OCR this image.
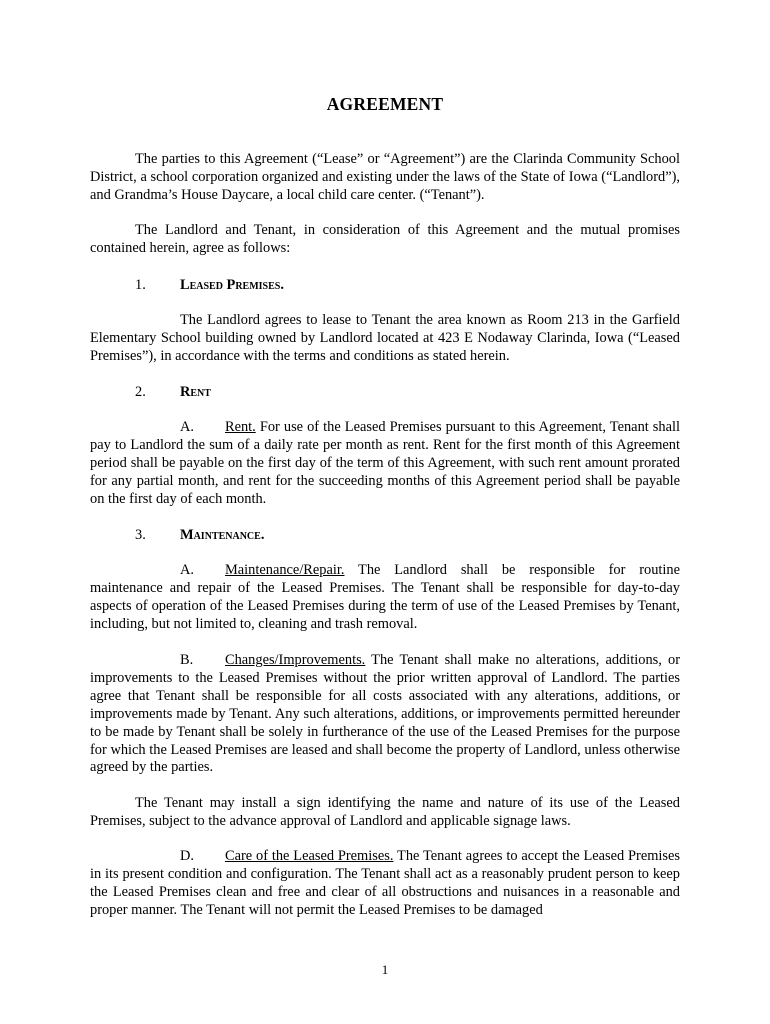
AGREEMENT

The parties to this Agreement (“Lease” or “Agreement”) are the Clarinda Community School District, a school corporation organized and existing under the laws of the State of Iowa (“Landlord”), and Grandma’s House Daycare, a local child care center. (“Tenant”).

The Landlord and Tenant, in consideration of this Agreement and the mutual promises contained herein, agree as follows:

1. Leased Premises.

The Landlord agrees to lease to Tenant the area known as Room 213 in the Garfield Elementary School building owned by Landlord located at 423 E Nodaway Clarinda, Iowa (“Leased Premises”), in accordance with the terms and conditions as stated herein.

2. Rent

A. Rent. For use of the Leased Premises pursuant to this Agreement, Tenant shall pay to Landlord the sum of a daily rate per month as rent. Rent for the first month of this Agreement period shall be payable on the first day of the term of this Agreement, with such rent amount prorated for any partial month, and rent for the succeeding months of this Agreement period shall be payable on the first day of each month.

3. Maintenance.

A. Maintenance/Repair. The Landlord shall be responsible for routine maintenance and repair of the Leased Premises. The Tenant shall be responsible for day-to-day aspects of operation of the Leased Premises during the term of use of the Leased Premises by Tenant, including, but not limited to, cleaning and trash removal.

B. Changes/Improvements. The Tenant shall make no alterations, additions, or improvements to the Leased Premises without the prior written approval of Landlord. The parties agree that Tenant shall be responsible for all costs associated with any alterations, additions, or improvements made by Tenant. Any such alterations, additions, or improvements permitted hereunder to be made by Tenant shall be solely in furtherance of the use of the Leased Premises for the purpose for which the Leased Premises are leased and shall become the property of Landlord, unless otherwise agreed by the parties.

The Tenant may install a sign identifying the name and nature of its use of the Leased Premises, subject to the advance approval of Landlord and applicable signage laws.

D. Care of the Leased Premises. The Tenant agrees to accept the Leased Premises in its present condition and configuration. The Tenant shall act as a reasonably prudent person to keep the Leased Premises clean and free and clear of all obstructions and nuisances in a reasonable and proper manner. The Tenant will not permit the Leased Premises to be damaged

1
